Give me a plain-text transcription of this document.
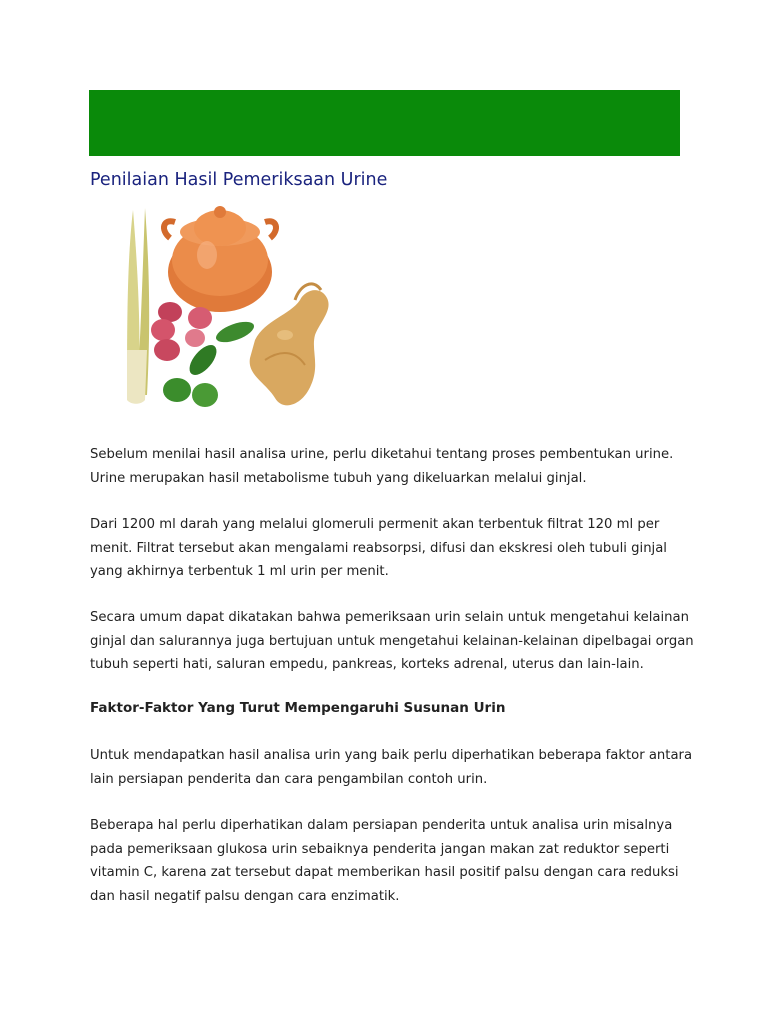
Penilaian Hasil Pemeriksaan Urine

Sebelum menilai hasil analisa urine, perlu diketahui tentang proses pembentukan urine.
Urine merupakan hasil metabolisme tubuh yang dikeluarkan melalui ginjal.

Dari 1200 ml darah yang melalui glomeruli permenit akan terbentuk filtrat 120 ml per
menit. Filtrat tersebut akan mengalami reabsorpsi, difusi dan ekskresi oleh tubuli ginjal
yang akhirnya terbentuk 1 ml urin per menit.

Secara umum dapat dikatakan bahwa pemeriksaan urin selain untuk mengetahui kelainan
ginjal dan salurannya juga bertujuan untuk mengetahui kelainan-kelainan dipelbagai organ
tubuh seperti hati, saluran empedu, pankreas, korteks adrenal, uterus dan lain-lain.

Faktor-Faktor Yang Turut Mempengaruhi Susunan Urin

Untuk mendapatkan hasil analisa urin yang baik perlu diperhatikan beberapa faktor antara
lain persiapan penderita dan cara pengambilan contoh urin.

Beberapa hal perlu diperhatikan dalam persiapan penderita untuk analisa urin misalnya
pada pemeriksaan glukosa urin sebaiknya penderita jangan makan zat reduktor seperti
vitamin C, karena zat tersebut dapat memberikan hasil positif palsu dengan cara reduksi
dan hasil negatif palsu dengan cara enzimatik.
